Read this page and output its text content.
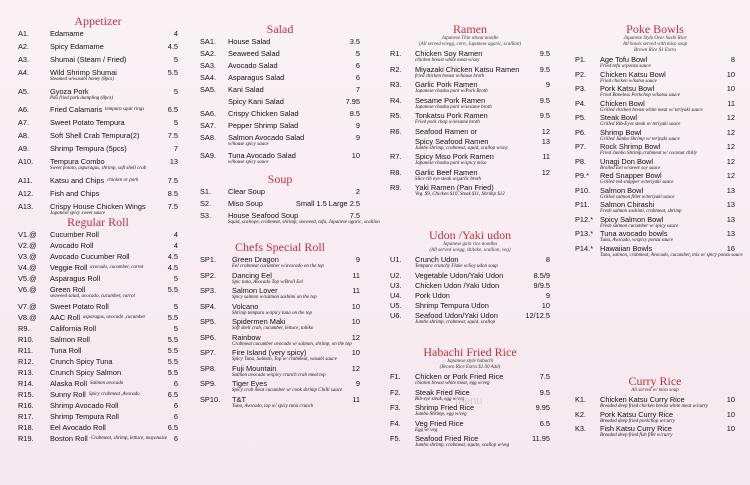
Appetizer
A1.	Edamame	4
A2.	Spicy Edamame	4.5
A3.	Shumai (Steam / Fried)	5
A4.	Wild Shrimp Shumai	5.5
Steamed w/wasabi honey (8pcs)
A5.	Gyoza Pork	5
Pda fried pork dumpling (8pcs)
A6.	Fried Calamaris	6.5
tempura squit rings
A7.	Sweet Potato Tempura	5
A8.	Soft Shell Crab Tempura(2)	7.5
A9.	Shrimp Tempura (5pcs)	7
A10. Tempura Combo	13
Sweet potato, asparagus, shrimp, soft shell crab
A11. Katsu and Chips	7.5
chicken or pork
A12. Fish and Chips	8.5
A13. Crispy House Chicken Wings	7.5
Japanese spicy sweet sauce
Regular Roll
V1.@ Cucumber Roll	4
V2.@ Avocado Roll	4
V3.@ Avocado Cucumber Roll	4.5
V4.@ Veggie Roll	4.5
avocado, cucumber, carrot
V5.@ Asparagus Roll	5
V6.@ Green Roll	5.5
seaweed salad, avocado, cucumber, carrot
V7.@ Sweet Potato Roll	5
V8.@ AAC Roll	5.5
asparagus, avocado ,cucumber
R9.	California Roll	5
R10. Salmon Roll	5.5
R11. Tuna Roll	5.5
R12. Crunch Spicy Tuna	5.5
R13. Crunch Spicy Salmon	5.5
R14. Alaska Roll	6
Salmon avocado
R15. Sunny Roll	6.5
Spicy crabmeat ,Avocado
R16. Shrimp Avocado Roll	6
R17. Shrimp Tempura Roll	6
R18. Eel Avocado Roll	6.5
R19. Boston Roll	6
Crabmeat, shrimp, lettuce, mayonaise
Salad
SA1. House Salad	3.5
SA2. Seaweed Salad	5
SA3. Avocado Salad	6
SA4. Asparagus Salad	6
SA5. Kani Salad	7
Spicy Kani Salad	7.95
SA6. Crispy Chicken Salad	8.5
SA7. Pepper Shrimp Salad	9
SA8. Salmon Avocado Salad	9
w/house spicy sauce
SA9. Tuna Avocado Salad	10
w/house spicy sauce
Soup
S1. Clear Soup	2
S2. Miso Soup	Small 1.5 Large 2.5
S3. House Seafood Soup	7.5
Squid, scallope, crabmeat, shrimp, seaweed, tofu, Japanese agaric, scallion
Chefs Special Roll
SP1. Green Dragon	9
Eel crabmeat cucumber w/avocado on the top
SP2. Dancing Eel	11
Spic tuna, Avocado Top w/Broil Eel
SP3. Salmon Lover	11
Spicy salmon w/salmon sashimi on the top
SP4. Volcano	10
Shrimp tempura w/spicy tuna on the top
SP5. Spidermen Maki	10
Soft shell crab, cucumber, lettuce, tobiko
SP6. Rainbow	12
Crabmeat cucumber avocado w/ salmon, shrimp, on the top
SP7. Fire Island (very spicy)	10
Spicy Tuna, Salmon, Top w/ crabmeat, wasabi sauce
SP8. Fuji Mountain	12
Salmon avocado w/spicy crunch crab meat top
SP9. Tiger Eyes	9
Spicy crab meat cucumber w/ cook shrimp Chilli sauce
SP10. T&T	11
Tuna, Avocado, top w/ spicy tuna crunch
Ramen
Japanese Thin wheat noodle
(All served w/egg, corn, Japanese agaric, scallion)
R1. Chicken Soy Ramen	9.5
chicken breast white meat w/soy
R2. Miyazaki Chicken Katsu Ramen	9.5
fried chicken breast w/house broth
R3. Garlic Pork Ramen	9
Japanese chashu pork w/Pork Broth
R4. Sesame Pork Ramen	9.5
Japanese chashu pork w/sesame broth
R5. Tonkatsu Pork Ramen	9.5
Fried pork chop w/sesame broth
R6. Seafood Ramen or	12
Spicy Seafood Ramen	13
Jumbo shrimp, crabmeat, squid, scallop w/soy
R7. Spicy Miso Pork Ramen	11
Japanese chashu pork w/spicy miso
R8. Garlic Beef Ramen	12
Slice rib eye steak w/garlic broth
R9. Yaki Ramen (Pan Fried)
Veg. $9, Chicken $10, Steak $11, Shrimp $12
Udon /Yaki udon
Japanese gain rice noodles
(All served w/egg, shitake, scallion, veg)
U1. Crunch Udon	8
Tempura crunchy Flake w/Soy udon soup
U2. Vegetable Udon/Yaki Udon	8.5/9
U3. Chicken Udon /Yaki Udon	9/9.5
U4. Pork Udon	9
U5. Shrimp Tempura Udon	10
U6. Seafood Udon/Yaki Udon	12/12.5
Jumbo shrimp, crabmeat, squid, scallop
Habachi Fried Rice
Japanese style habachi
(Brown Rice Extra $1.00 Add)
F1. Chicken or Pork Fried Rice	7.5
chicken breast white meat, egg w/veg
F2. Steak Fried Rice	9.5
Rib-eye steak, egg w/veg
F3. Shrimp Fried Rice	9.95
Jumbo Shrimp, egg w/veg
F4. Veg Fried Rice	6.5
Egg w/ veg
F5. Seafood Fried Rice	11.95
Jumbo shrimp, crabmeat, squite, scallop w/veg
Poke Bowls
Japanese Style Over Sushi Rice
All bowls served with miso soup
Brown Rice $1 Extra
P1. Age Tofu Bowl	8
Fried tofu w/ponzu sauce
P2. Chicken Katsu Bowl	10
Fried chicken w/katsu sauce
P3. Pork Katsu Bowl	10
Fried Boneless Porkchop w/katsu sauce
P4. Chicken Bowl	11
Grilled chicken breast white meat w/ teriyaki sauce
P5. Steak Bowl	12
Grilled Rib-Eyes steak w/ teriyaki sauce
P6. Shrimp Bowl	12
Grilled Jumbo Shrimp w/ teriyaki sauce
P7. Rock Shrimp Bowl	12
Fried Jumbo Shrimp,crabmeat w/ coconut chilly
P8. Unagi Don Bowl	12
Broiled Eel w/sweet soy sauce
P9.* Red Snapper Bowl	12
Grilled red snapper w/teriyaki sauce
P10. Salmon Bowl	13
Grilled salmon fillet w/teriyaki sauce
P11. Salmon Chirashi	13
Fresh salmon sashimi, crabmeat, shrimp
P12.* Spicy Salmon Bowl	13
Fresh salmon cucumber w/ spicy sauce
P13.* Tuna avocado bowls	13
Tuna, Avocado, w/spicy ponzu sauce
P14.* Hawaiian Bowls	16
Tuna, salmon, crabmeat, Avocado, cucumber, mix w/ spicy ponzu sauce
Curry Rice
All served w/ miso soup
K1. Chicken Katsu Curry Rice	10
Breaded deep fried chicken breast white meat w/curry
K2. Pork Katsu Curry Rice	10
Breaded deep fried porkchop w/curry
K3. Fish Katsu Curry Rice	10
Breaded deep fried fish filet w/curry
menu
